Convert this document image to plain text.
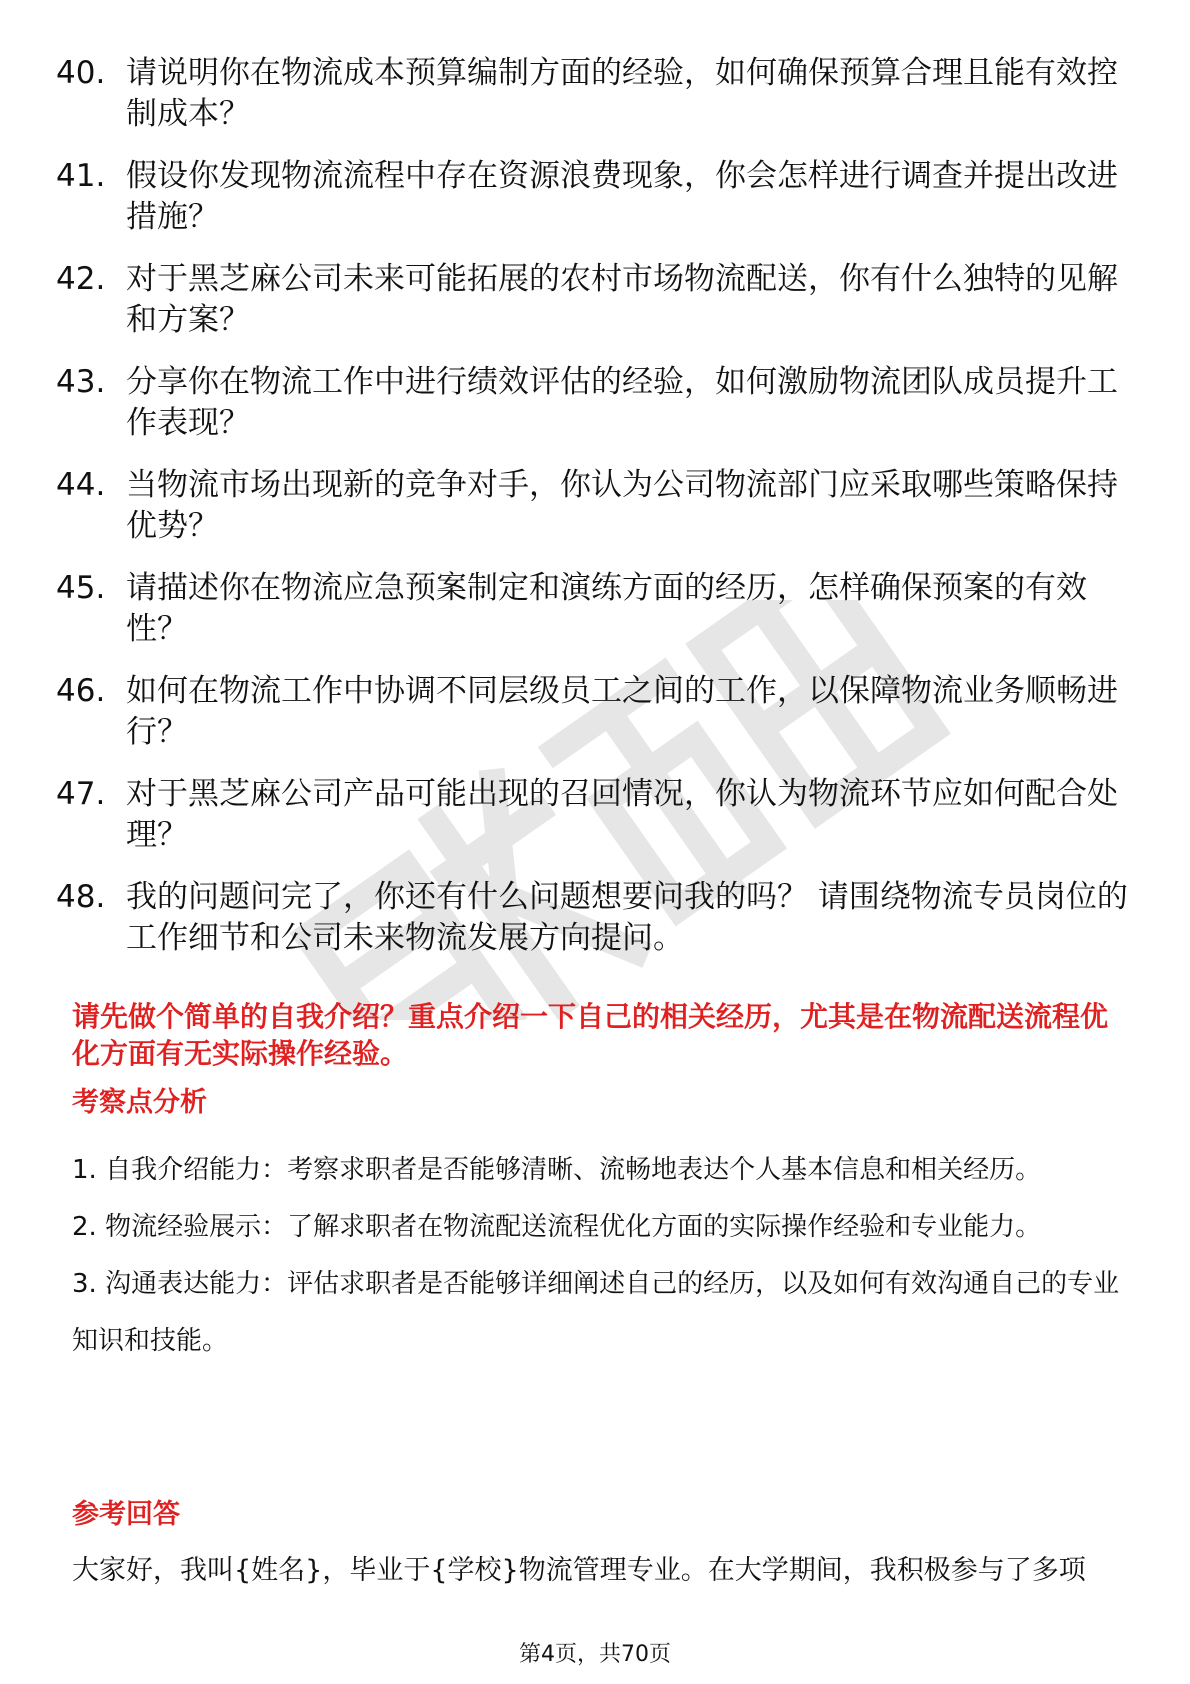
40. 请说明你在物流成本预算编制方面的经验，如何确保预算合理且能有效控制成本？
41. 假设你发现物流流程中存在资源浪费现象，你会怎样进行调查并提出改进措施？
42. 对于黑芝麻公司未来可能拓展的农村市场物流配送，你有什么独特的见解和方案？
43. 分享你在物流工作中进行绩效评估的经验，如何激励物流团队成员提升工作表现？
44. 当物流市场出现新的竞争对手，你认为公司物流部门应采取哪些策略保持优势？
45. 请描述你在物流应急预案制定和演练方面的经历，怎样确保预案的有效性？
46. 如何在物流工作中协调不同层级员工之间的工作，以保障物流业务顺畅进行？
47. 对于黑芝麻公司产品可能出现的召回情况，你认为物流环节应如何配合处理？
48. 我的问题问完了，你还有什么问题想要问我的吗？ 请围绕物流专员岗位的工作细节和公司未来物流发展方向提问。

请先做个简单的自我介绍？重点介绍一下自己的相关经历，尤其是在物流配送流程优化方面有无实际操作经验。

考察点分析
1. 自我介绍能力：考察求职者是否能够清晰、流畅地表达个人基本信息和相关经历。
2. 物流经验展示：了解求职者在物流配送流程优化方面的实际操作经验和专业能力。
3. 沟通表达能力：评估求职者是否能够详细阐述自己的经历，以及如何有效沟通自己的专业知识和技能。
参考回答

大家好，我叫{姓名}，毕业于{学校}物流管理专业。在大学期间，我积极参与了多项

第4页，共70页
